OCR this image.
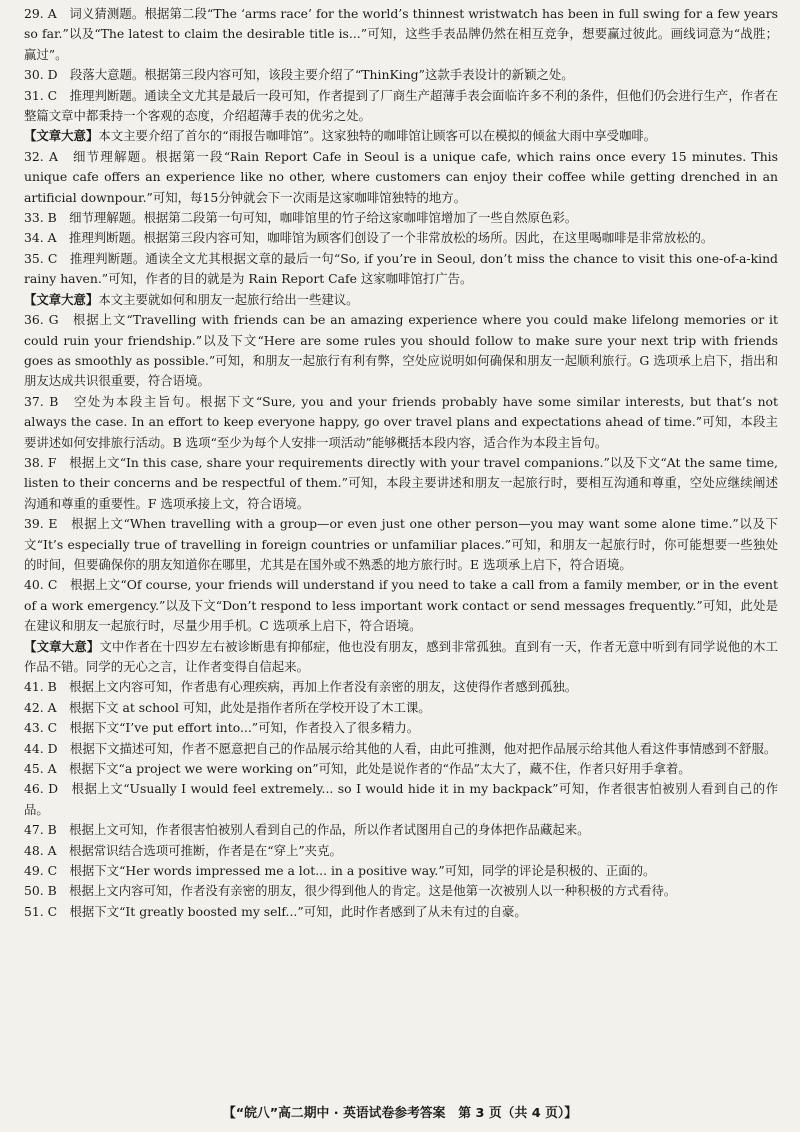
29. A　词义猜测题。根据第二段“The ‘arms race’ for the world’s thinnest wristwatch has been in full swing for a few years so far.”以及“The latest to claim the desirable title is...”可知，这些手表品牌仍然在相互竞争，想要赢过彼此。画线词意为“战胜；赢过”。

30. D　段落大意题。根据第三段内容可知，该段主要介绍了“ThinKing”这款手表设计的新颖之处。

31. C　推理判断题。通读全文尤其是最后一段可知，作者提到了厂商生产超薄手表会面临许多不利的条件，但他们仍会进行生产，作者在整篇文章中都秉持一个客观的态度，介绍超薄手表的优劣之处。

【文章大意】本文主要介绍了首尔的“雨报告咖啡馆”。这家独特的咖啡馆让顾客可以在模拟的倾盆大雨中享受咖啡。

32. A　细节理解题。根据第一段“Rain Report Cafe in Seoul is a unique cafe, which rains once every 15 minutes. This unique cafe offers an experience like no other, where customers can enjoy their coffee while getting drenched in an artificial downpour.”可知，每15分钟就会下一次雨是这家咖啡馆独特的地方。

33. B　细节理解题。根据第二段第一句可知，咖啡馆里的竹子给这家咖啡馆增加了一些自然原色彩。

34. A　推理判断题。根据第三段内容可知，咖啡馆为顾客们创设了一个非常放松的场所。因此，在这里喝咖啡是非常放松的。

35. C　推理判断题。通读全文尤其根据文章的最后一句“So, if you’re in Seoul, don’t miss the chance to visit this one-of-a-kind rainy haven.”可知，作者的目的就是为 Rain Report Cafe 这家咖啡馆打广告。

【文章大意】本文主要就如何和朋友一起旅行给出一些建议。

36. G　根据上文“Travelling with friends can be an amazing experience where you could make lifelong memories or it could ruin your friendship.”以及下文“Here are some rules you should follow to make sure your next trip with friends goes as smoothly as possible.”可知，和朋友一起旅行有利有弊，空处应说明如何确保和朋友一起顺利旅行。G 选项承上启下，指出和朋友达成共识很重要，符合语境。

37. B　空处为本段主旨句。根据下文“Sure, you and your friends probably have some similar interests, but that’s not always the case. In an effort to keep everyone happy, go over travel plans and expectations ahead of time.”可知，本段主要讲述如何安排旅行活动。B 选项“至少为每个人安排一项活动”能够概括本段内容，适合作为本段主旨句。

38. F　根据上文“In this case, share your requirements directly with your travel companions.”以及下文“At the same time, listen to their concerns and be respectful of them.”可知，本段主要讲述和朋友一起旅行时，要相互沟通和尊重，空处应继续阐述沟通和尊重的重要性。F 选项承接上文，符合语境。

39. E　根据上文“When travelling with a group—or even just one other person—you may want some alone time.”以及下文“It’s especially true of travelling in foreign countries or unfamiliar places.”可知，和朋友一起旅行时，你可能想要一些独处的时间，但要确保你的朋友知道你在哪里，尤其是在国外或不熟悉的地方旅行时。E 选项承上启下，符合语境。

40. C　根据上文“Of course, your friends will understand if you need to take a call from a family member, or in the event of a work emergency.”以及下文“Don’t respond to less important work contact or send messages frequently.”可知，此处是在建议和朋友一起旅行时，尽量少用手机。C 选项承上启下，符合语境。

【文章大意】文中作者在十四岁左右被诊断患有抑郁症，他也没有朋友，感到非常孤独。直到有一天，作者无意中听到有同学说他的木工作品不错。同学的无心之言，让作者变得自信起来。

41. B　根据上文内容可知，作者患有心理疾病，再加上作者没有亲密的朋友，这使得作者感到孤独。

42. A　根据下文 at school 可知，此处是指作者所在学校开设了木工课。

43. C　根据下文“I’ve put effort into...”可知，作者投入了很多精力。

44. D　根据下文描述可知，作者不愿意把自己的作品展示给其他的人看，由此可推测，他对把作品展示给其他人看这件事情感到不舒服。

45. A　根据下文“a project we were working on”可知，此处是说作者的“作品”太大了，藏不住，作者只好用手拿着。

46. D　根据上文“Usually I would feel extremely... so I would hide it in my backpack”可知，作者很害怕被别人看到自己的作品。

47. B　根据上文可知，作者很害怕被别人看到自己的作品，所以作者试图用自己的身体把作品藏起来。

48. A　根据常识结合选项可推断，作者是在“穿上”夹克。

49. C　根据下文“Her words impressed me a lot... in a positive way.”可知，同学的评论是积极的、正面的。

50. B　根据上文内容可知，作者没有亲密的朋友，很少得到他人的肯定。这是他第一次被别人以一种积极的方式看待。

51. C　根据下文“It greatly boosted my self...”可知，此时作者感到了从未有过的自豪。

【“皖八”高二期中 · 英语试卷参考答案　第 3 页（共 4 页）】
